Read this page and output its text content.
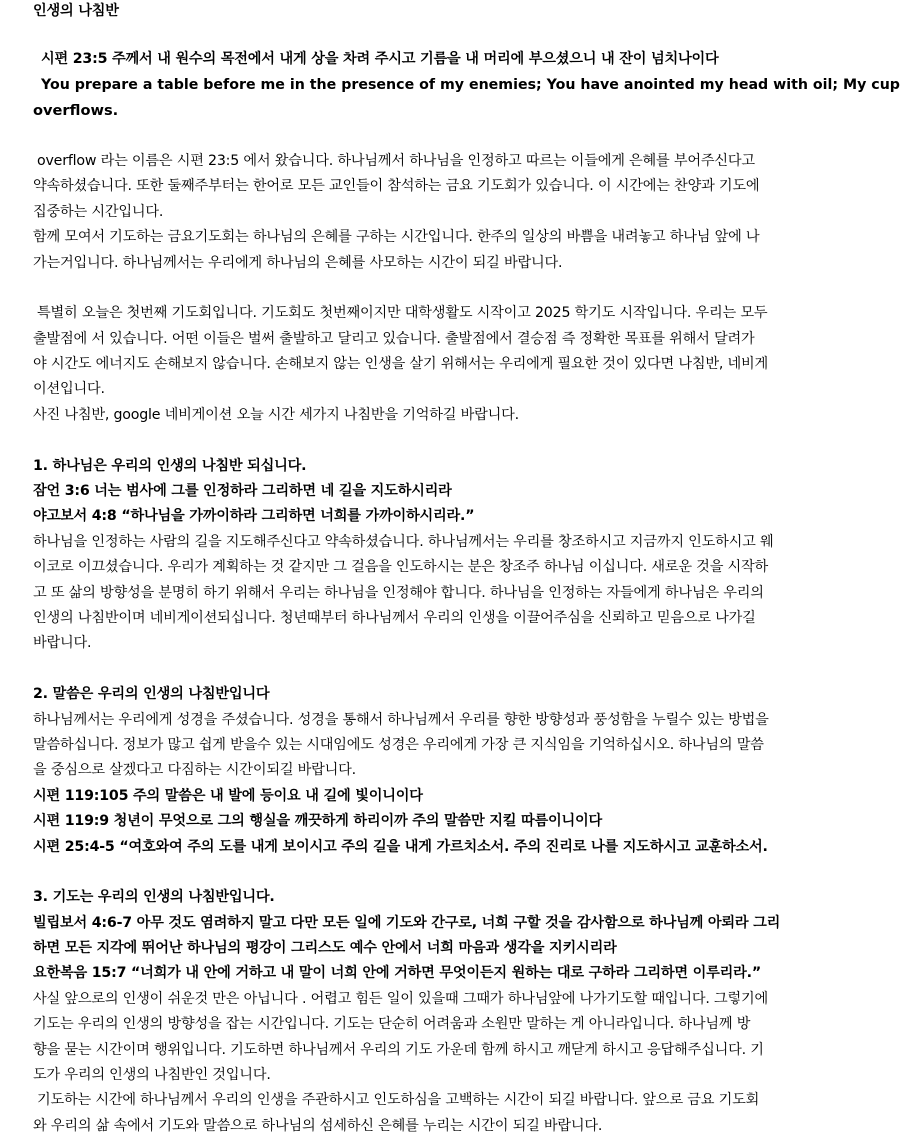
인생의 나침반
시편 23:5 주께서 내 원수의 목전에서 내게 상을 차려 주시고 기름을 내 머리에 부으셨으니 내 잔이 넘치나이다
You prepare a table before me in the presence of my enemies; You have anointed my head with oil; My cup
overflows.
overflow 라는 이름은 시편 23:5 에서 왔습니다. 하나님께서 하나님을 인정하고 따르는 이들에게 은혜를 부어주신다고
약속하셨습니다. 또한 둘째주부터는 한어로 모든 교인들이 참석하는 금요 기도회가 있습니다. 이 시간에는 찬양과 기도에
집중하는 시간입니다.
함께 모여서 기도하는 금요기도회는 하나님의 은혜를 구하는 시간입니다. 한주의 일상의 바쁨을 내려놓고 하나님 앞에 나
가는거입니다. 하나님께서는 우리에게 하나님의 은혜를 사모하는 시간이 되길 바랍니다.
특별히 오늘은 첫번째 기도회입니다. 기도회도 첫번째이지만 대학생활도 시작이고 2025 학기도 시작입니다. 우리는 모두
출발점에 서 있습니다. 어떤 이들은 벌써 출발하고 달리고 있습니다. 출발점에서 결승점 즉 정확한 목표를 위해서 달려가
야 시간도 에너지도 손해보지 않습니다. 손해보지 않는 인생을 살기 위해서는 우리에게 필요한 것이 있다면 나침반, 네비게
이션입니다.
사진 나침반, google 네비게이션 오늘 시간 세가지 나침반을 기억하길 바랍니다.
1. 하나님은 우리의 인생의 나침반 되십니다.
잠언 3:6 너는 범사에 그를 인정하라 그리하면 네 길을 지도하시리라
야고보서 4:8 “하나님을 가까이하라 그리하면 너희를 가까이하시리라.”
하나님을 인정하는 사람의 길을 지도해주신다고 약속하셨습니다. 하나님께서는 우리를 창조하시고 지금까지 인도하시고 웨
이코로 이끄셨습니다. 우리가 계획하는 것 같지만 그 걸음을 인도하시는 분은 창조주 하나님 이십니다. 새로운 것을 시작하
고 또 삶의 방향성을 분명히 하기 위해서 우리는 하나님을 인정해야 합니다. 하나님을 인정하는 자들에게 하나님은 우리의
인생의 나침반이며 네비게이션되십니다. 청년때부터 하나님께서 우리의 인생을 이끌어주심을 신뢰하고 믿음으로 나가길
바랍니다.
2. 말씀은 우리의 인생의 나침반입니다
하나님께서는 우리에게 성경을 주셨습니다. 성경을 통해서 하나님께서 우리를 향한 방향성과 풍성함을 누릴수 있는 방법을
말씀하십니다. 정보가 많고 쉽게 받을수 있는 시대임에도 성경은 우리에게 가장 큰 지식임을 기억하십시오. 하나님의 말씀
을 중심으로 살겠다고 다짐하는 시간이되길 바랍니다.
시편 119:105 주의 말씀은 내 발에 등이요 내 길에 빛이니이다
시편 119:9 청년이 무엇으로 그의 행실을 깨끗하게 하리이까 주의 말씀만 지킬 따름이니이다
시편 25:4-5 “여호와여 주의 도를 내게 보이시고 주의 길을 내게 가르치소서. 주의 진리로 나를 지도하시고 교훈하소서.
3. 기도는 우리의 인생의 나침반입니다.
빌립보서 4:6-7 아무 것도 염려하지 말고 다만 모든 일에 기도와 간구로, 너희 구할 것을 감사함으로 하나님께 아뢰라 그리
하면 모든 지각에 뛰어난 하나님의 평강이 그리스도 예수 안에서 너희 마음과 생각을 지키시리라
요한복음 15:7 “너희가 내 안에 거하고 내 말이 너희 안에 거하면 무엇이든지 원하는 대로 구하라 그리하면 이루리라.”
사실 앞으로의 인생이 쉬운것 만은 아닙니다 . 어렵고 힘든 일이 있을때 그때가 하나님앞에 나가기도할 때입니다. 그렇기에
기도는 우리의 인생의 방향성을 잡는 시간입니다. 기도는 단순히 어려움과 소원만 말하는 게 아니라입니다. 하나님께 방
향을 묻는 시간이며 행위입니다. 기도하면 하나님께서 우리의 기도 가운데 함께 하시고 깨닫게 하시고 응답해주십니다. 기
도가 우리의 인생의 나침반인 것입니다.
기도하는 시간에 하나님께서 우리의 인생을 주관하시고 인도하심을 고백하는 시간이 되길 바랍니다. 앞으로 금요 기도회
와 우리의 삶 속에서 기도와 말씀으로 하나님의 섬세하신 은혜를 누리는 시간이 되길 바랍니다.
